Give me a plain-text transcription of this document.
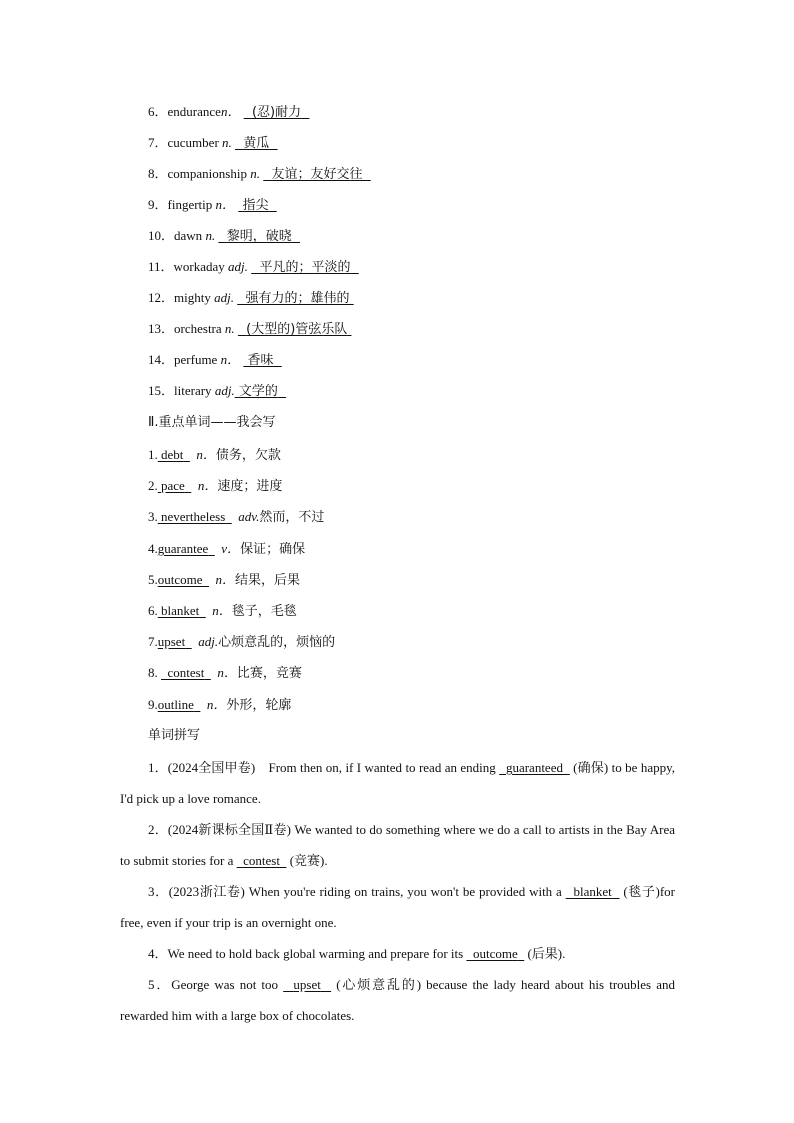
6．endurancen． (忍)耐力
7．cucumber n. 黄瓜
8．companionship n. 友谊；友好交往
9．fingertip n． 指尖
10．dawn n. 黎明，破晓
11．workaday adj. 平凡的；平淡的
12．mighty adj. 强有力的；雄伟的
13．orchestra n. (大型的)管弦乐队
14．perfume n． 香味
15．literary adj. 文学的
Ⅱ.重点单词——我会写
1. debt n．债务，欠款
2. pace n．速度；进度
3. nevertheless adv.然而，不过
4.guarantee v．保证；确保
5.outcome n．结果，后果
6. blanket n．毯子，毛毯
7.upset adj.心烦意乱的，烦恼的
8. contest n．比赛，竞赛
9.outline n．外形，轮廓
单词拼写
1．(2024全国甲卷)　From then on, if I wanted to read an ending   guaranteed   (确保) to be happy, I'd pick up a love romance.
2．(2024新课标全国Ⅱ卷) We wanted to do something where we do a call to artists in the Bay Area to submit stories for a   contest   (竞赛).
3．(2023浙江卷) When you're riding on trains, you won't be provided with a   blanket   (毯子)for free, even if your trip is an overnight one.
4．We need to hold back global warming and prepare for its   outcome   (后果).
5．George was not too   upset   (心烦意乱的) because the lady heard about his troubles and rewarded him with a large box of chocolates.
